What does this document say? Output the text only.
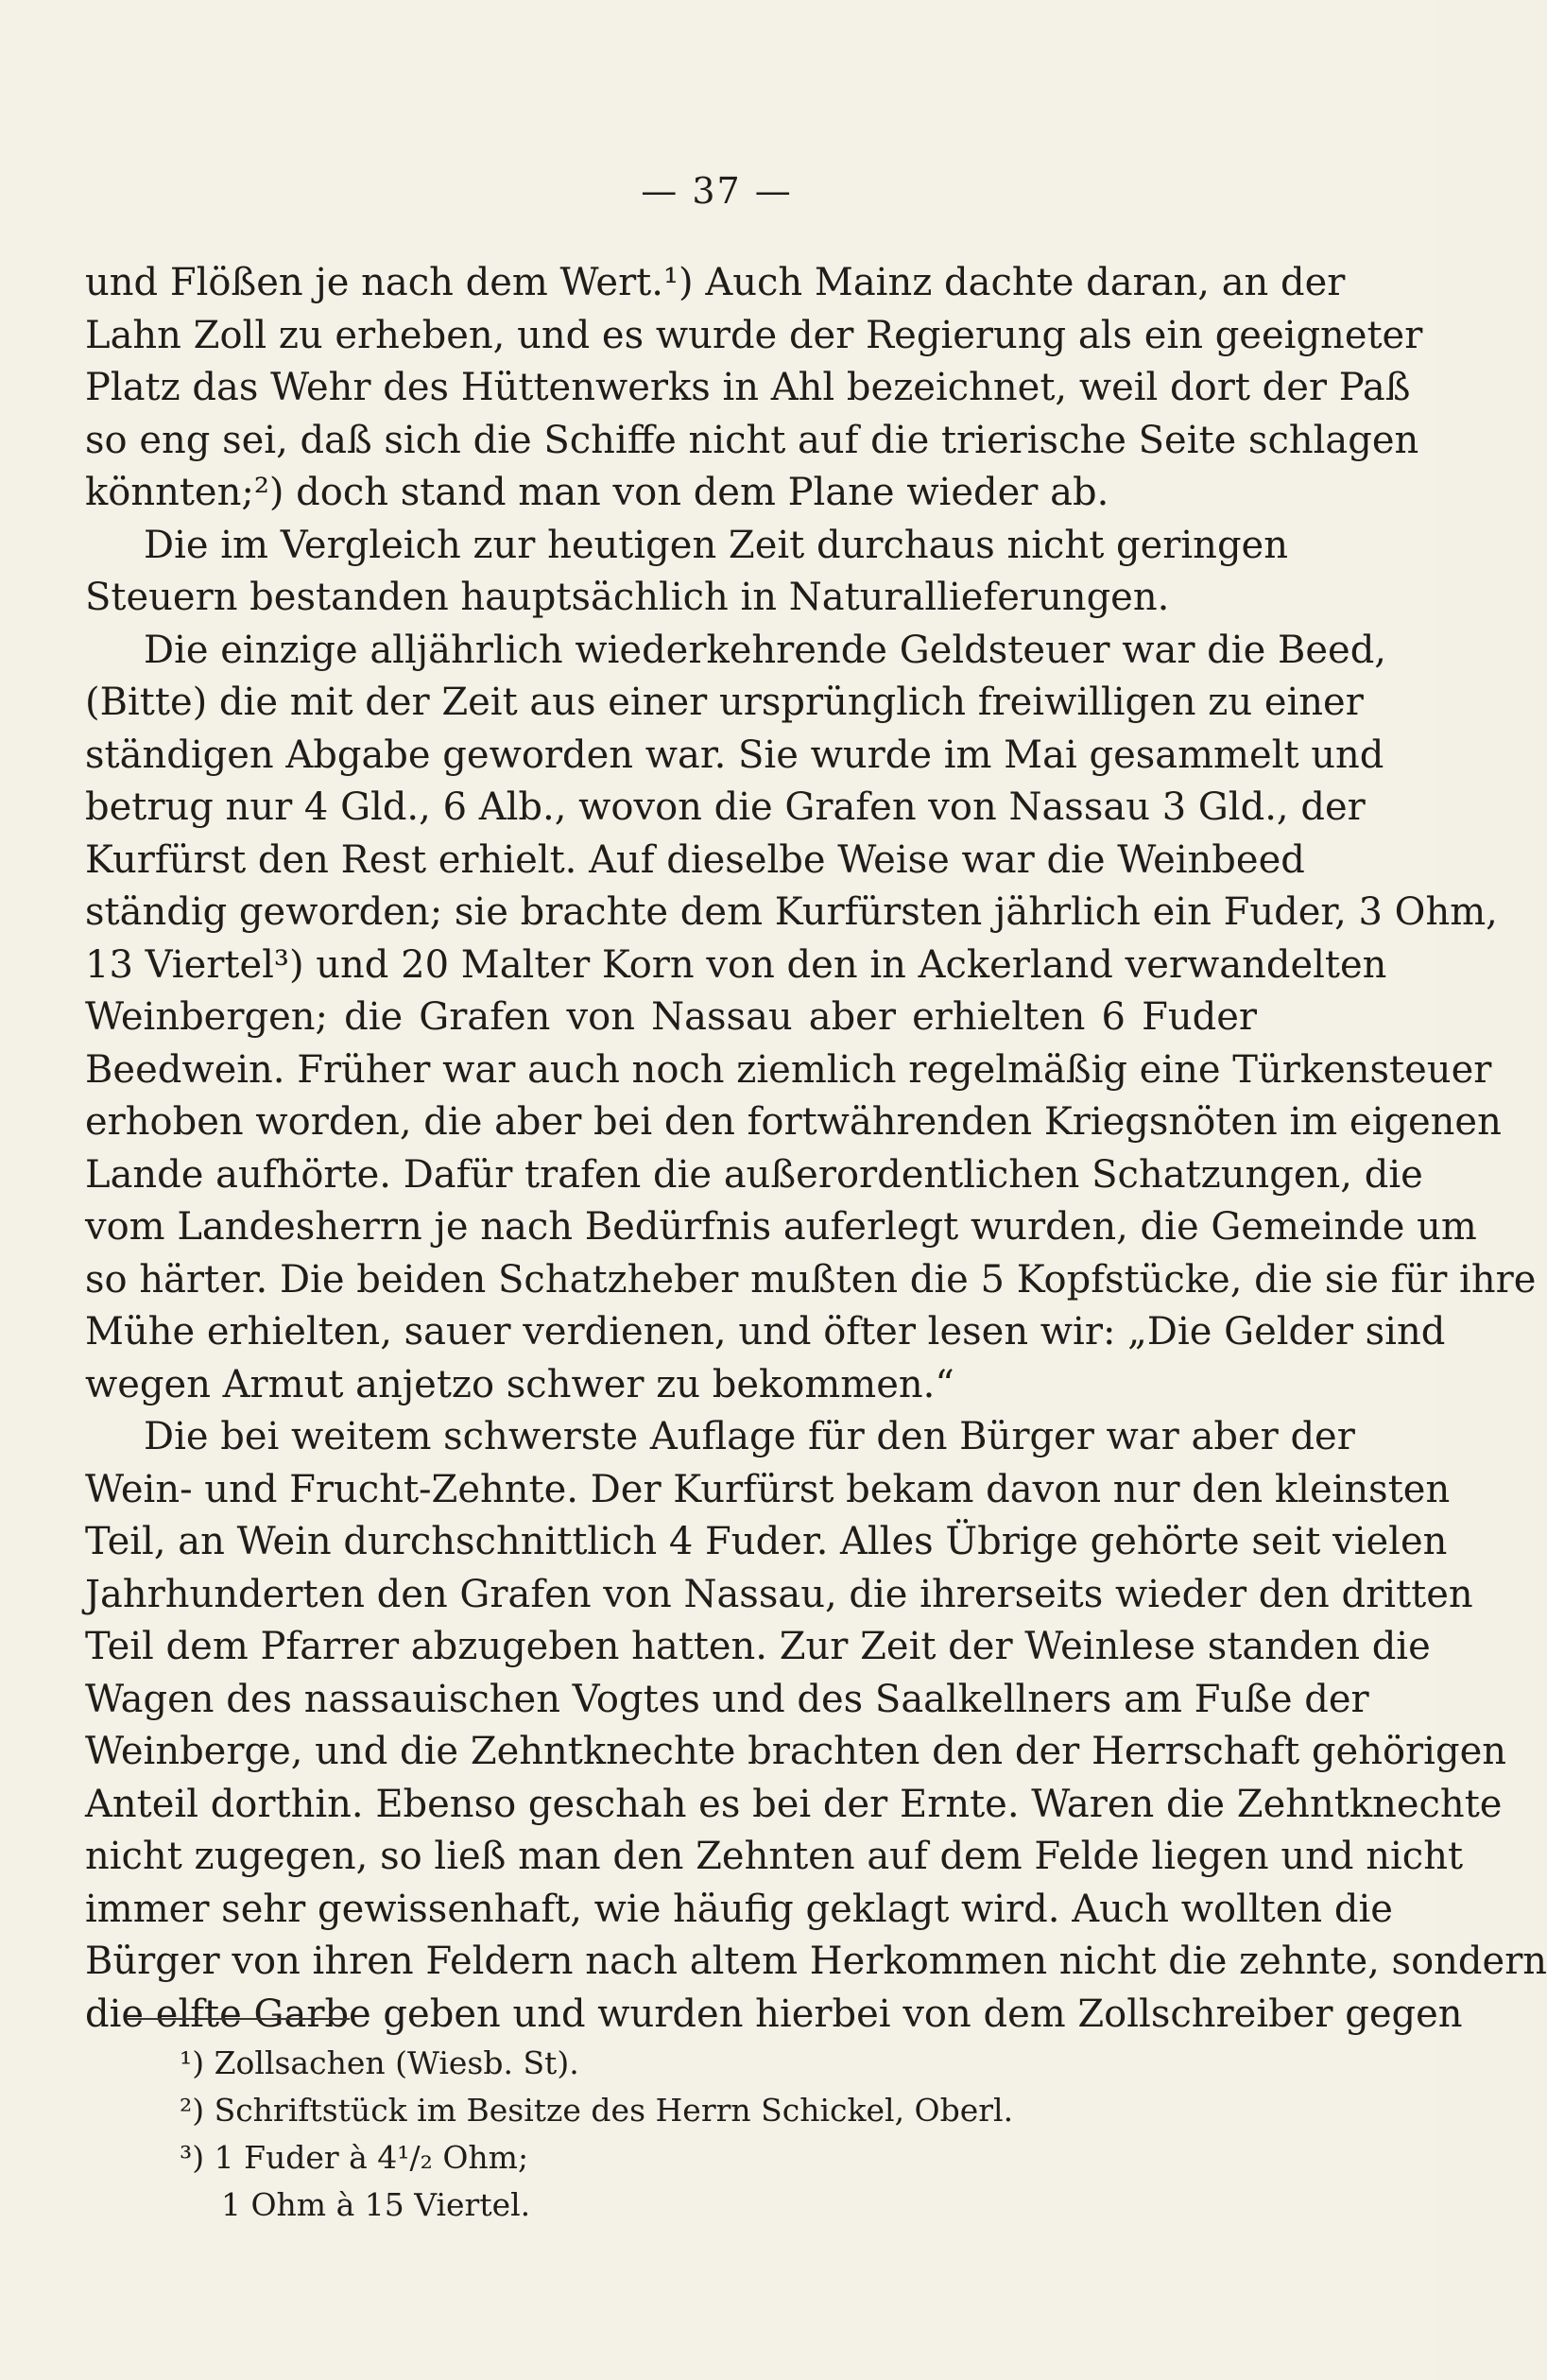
— 37 —
und Flößen je nach dem Wert.¹) Auch Mainz dachte daran, an der
Lahn Zoll zu erheben, und es wurde der Regierung als ein geeigneter
Platz das Wehr des Hüttenwerks in Ahl bezeichnet, weil dort der Paß
so eng sei, daß sich die Schiffe nicht auf die trierische Seite schlagen
könnten;²) doch stand man von dem Plane wieder ab.
Die im Vergleich zur heutigen Zeit durchaus nicht geringen
Steuern bestanden hauptsächlich in Naturallieferungen.
Die einzige alljährlich wiederkehrende Geldsteuer war die Beed,
(Bitte) die mit der Zeit aus einer ursprünglich freiwilligen zu einer
ständigen Abgabe geworden war. Sie wurde im Mai gesammelt und
betrug nur 4 Gld., 6 Alb., wovon die Grafen von Nassau 3 Gld., der
Kurfürst den Rest erhielt. Auf dieselbe Weise war die Weinbeed
ständig geworden; sie brachte dem Kurfürsten jährlich ein Fuder, 3 Ohm,
13 Viertel³) und 20 Malter Korn von den in Ackerland verwandelten
Weinbergen; die Grafen von Nassau aber erhielten 6 Fuder
Beedwein. Früher war auch noch ziemlich regelmäßig eine Türkensteuer
erhoben worden, die aber bei den fortwährenden Kriegsnöten im eigenen
Lande aufhörte. Dafür trafen die außerordentlichen Schatzungen, die
vom Landesherrn je nach Bedürfnis auferlegt wurden, die Gemeinde um
so härter. Die beiden Schatzheber mußten die 5 Kopfstücke, die sie für ihre
Mühe erhielten, sauer verdienen, und öfter lesen wir: „Die Gelder sind
wegen Armut anjetzo schwer zu bekommen.“
Die bei weitem schwerste Auflage für den Bürger war aber der
Wein- und Frucht-Zehnte. Der Kurfürst bekam davon nur den kleinsten
Teil, an Wein durchschnittlich 4 Fuder. Alles Übrige gehörte seit vielen
Jahrhunderten den Grafen von Nassau, die ihrerseits wieder den dritten
Teil dem Pfarrer abzugeben hatten. Zur Zeit der Weinlese standen die
Wagen des nassauischen Vogtes und des Saalkellners am Fuße der
Weinberge, und die Zehntknechte brachten den der Herrschaft gehörigen
Anteil dorthin. Ebenso geschah es bei der Ernte. Waren die Zehntknechte
nicht zugegen, so ließ man den Zehnten auf dem Felde liegen und nicht
immer sehr gewissenhaft, wie häufig geklagt wird. Auch wollten die
Bürger von ihren Feldern nach altem Herkommen nicht die zehnte, sondern
die elfte Garbe geben und wurden hierbei von dem Zollschreiber gegen
¹) Zollsachen (Wiesb. St).
²) Schriftstück im Besitze des Herrn Schickel, Oberl.
³) 1 Fuder à 4¹/₂ Ohm;
1 Ohm à 15 Viertel.
